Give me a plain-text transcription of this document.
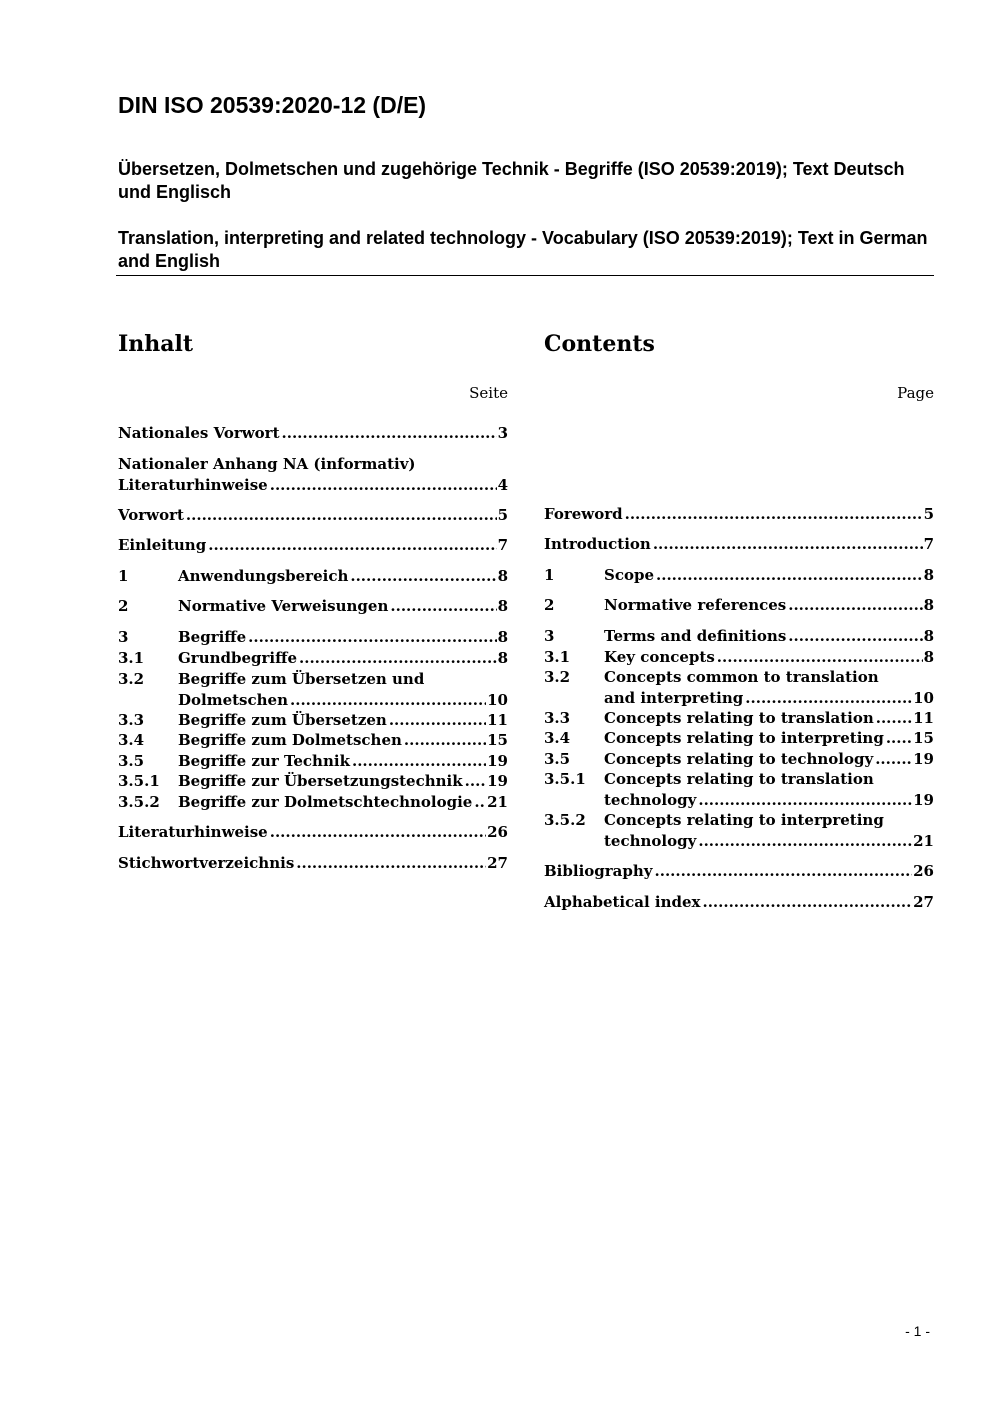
DIN ISO 20539:2020-12 (D/E)

Übersetzen, Dolmetschen und zugehörige Technik - Begriffe (ISO 20539:2019); Text Deutsch und Englisch

Translation, interpreting and related technology - Vocabulary (ISO 20539:2019); Text in German and English

Inhalt
Seite
Nationales Vorwort .....	3
Nationaler Anhang NA (informativ)
Literaturhinweise .....	4
Vorwort .....	5
Einleitung .....	7
1	Anwendungsbereich .....	8
2	Normative Verweisungen .....	8
3	Begriffe .....	8
3.1 Grundbegriffe .....	8
3.2	Begriffe zum Übersetzen und
Dolmetschen .....	10
3.3 Begriffe zum Übersetzen .....	11
3.4 Begriffe zum Dolmetschen .....	15
3.5 Begriffe zur Technik .....	19
3.5.1 Begriffe zur Übersetzungstechnik ..... 19
3.5.2 Begriffe zur Dolmetschtechnologie ..... 21
Literaturhinweise .....	26
Stichwortverzeichnis .....	27
Contents
Page
Foreword .....	5
Introduction .....	7
1	Scope .....	8
2	Normative references .....	8
3	Terms and definitions .....	8
3.1 Key concepts .....	8
3.2	Concepts common to translation
and interpreting .....	10
3.3 Concepts relating to translation .....	11
3.4 Concepts relating to interpreting ..... 15
3.5 Concepts relating to technology .....	19
3.5.1	Concepts relating to translation
technology .....	19
3.5.2	Concepts relating to interpreting
technology .....	21
Bibliography .....	26
Alphabetical index .....	27
- 1 -
